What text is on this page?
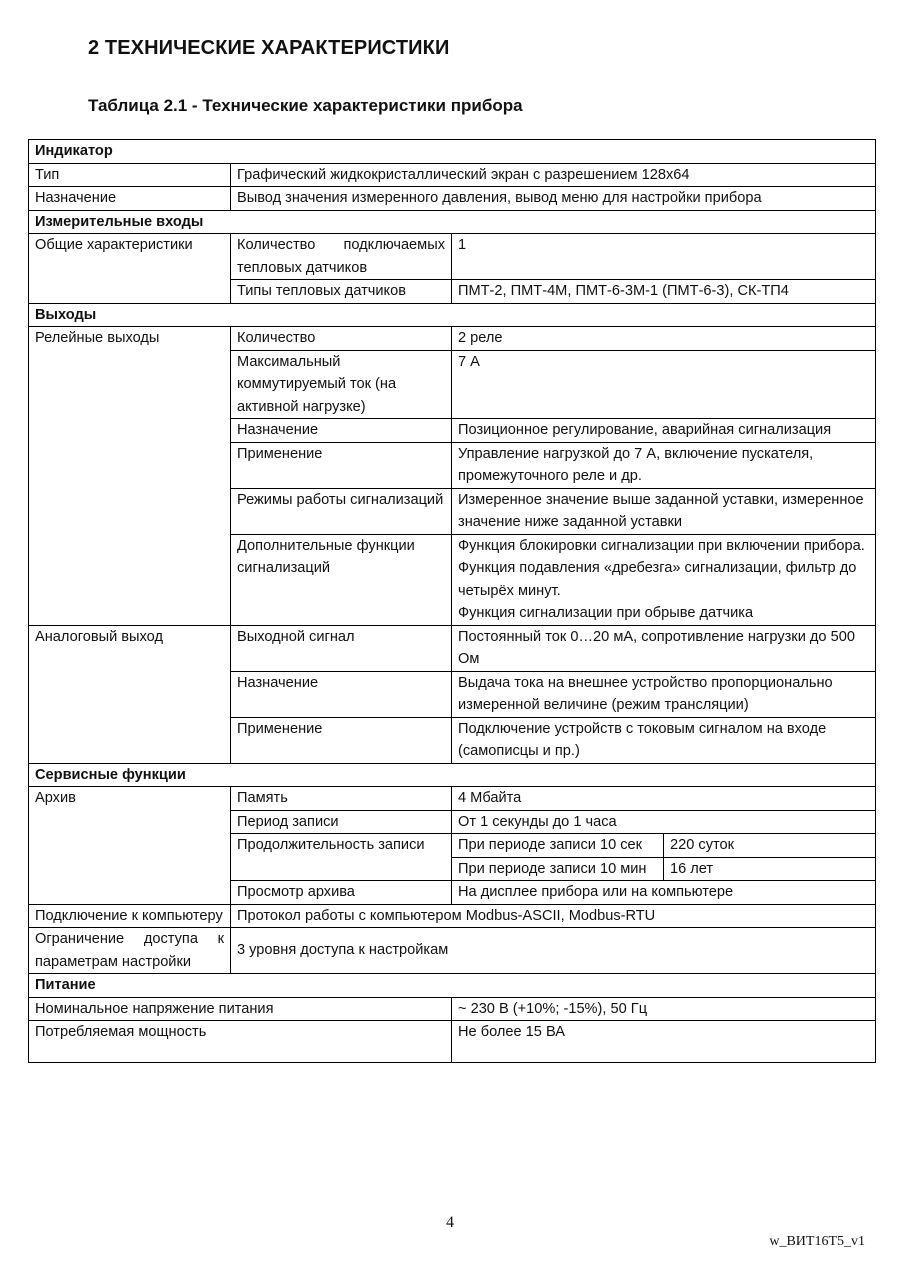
2 ТЕХНИЧЕСКИЕ ХАРАКТЕРИСТИКИ
Таблица 2.1 - Технические характеристики прибора
Индикатор			
Тип	Графический жидкокристаллический экран с разрешением 128х64		
Назначение	Вывод значения измеренного давления, вывод меню для настройки прибора		
Измерительные входы			
Общие характеристики	Количество подключаемых тепловых датчиков	1	
	Типы тепловых датчиков	ПМТ-2, ПМТ-4М, ПМТ-6-3М-1 (ПМТ-6-3), СК-ТП4	
Выходы			
Релейные выходы	Количество	2 реле	
	Максимальный коммутируемый ток (на активной нагрузке)	7 А	
	Назначение	Позиционное регулирование, аварийная сигнализация	
	Применение	Управление нагрузкой до 7 А, включение пускателя, промежуточного реле и др.	
	Режимы работы сигнализаций	Измеренное значение выше заданной уставки, измеренное значение ниже заданной уставки	
	Дополнительные функции сигнализаций	Функция блокировки сигнализации при включении прибора.
Функция подавления «дребезга» сигнализации, фильтр до четырёх минут.
Функция сигнализации при обрыве датчика	

Аналоговый выход	Выходной сигнал	Постоянный ток 0…20 мА, сопротивление нагрузки до 500 Ом	
	Назначение	Выдача тока на внешнее устройство пропорционально измеренной величине (режим трансляции)	
	Применение	Подключение устройств с токовым сигналом на входе (самописцы и пр.)	
Сервисные функции			
Архив	Память	4 Мбайта	
	Период записи	От 1 секунды до 1 часа	
	Продолжительность записи	При периоде записи 10 сек	220 суток
		При периоде записи 10 мин	16 лет
	Просмотр архива	На дисплее прибора или на компьютере	
Подключение к компьютеру	Протокол работы с компьютером Modbus-ASCII, Modbus-RTU		
Ограничение доступа к параметрам настройки	3 уровня доступа к настройкам		
Питание			
Номинальное напряжение питания		~ 230 В (+10%; -15%), 50 Гц	
Потребляемая мощность		Не более 15 ВА	
4
w_ВИТ16Т5_v1
